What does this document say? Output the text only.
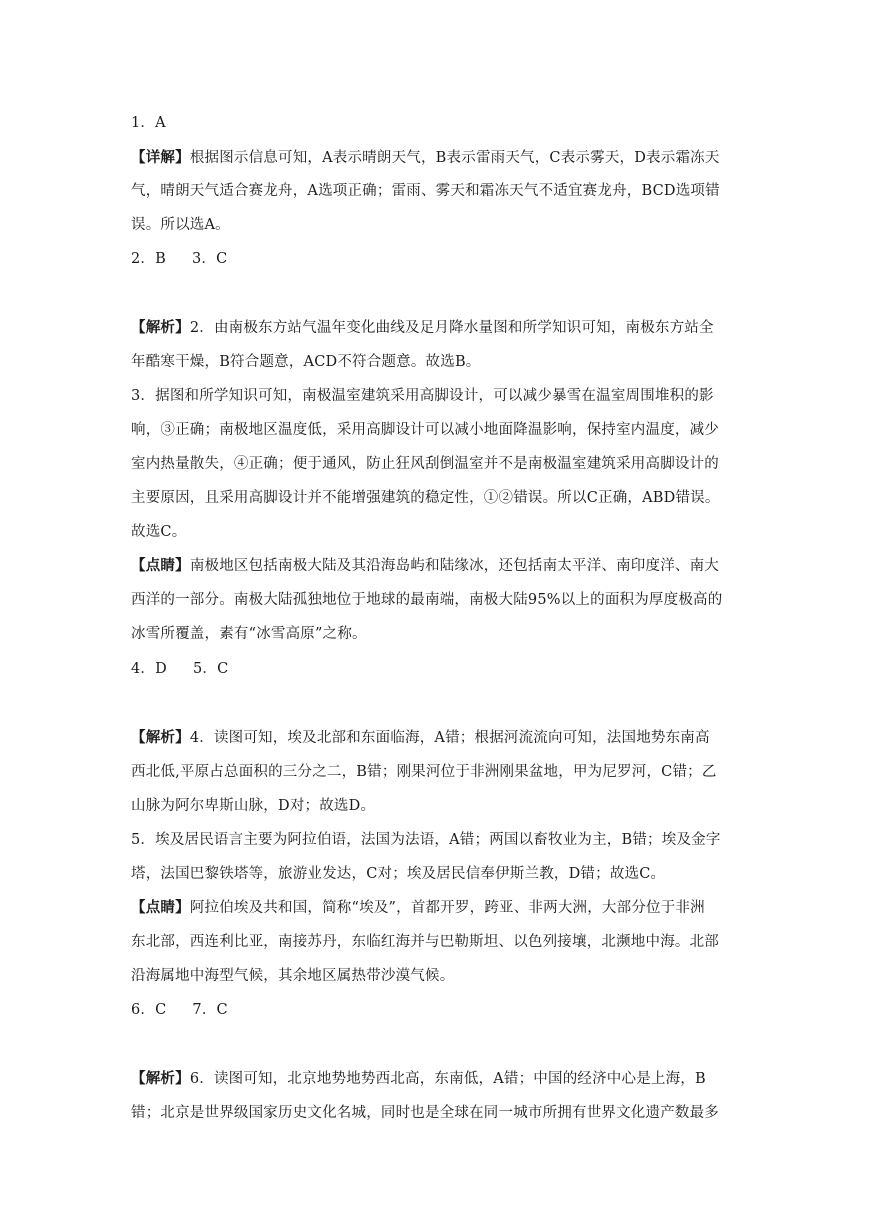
1．A
【详解】根据图示信息可知，A表示晴朗天气，B表示雷雨天气，C表示雾天，D表示霜冻天
气，晴朗天气适合赛龙舟，A选项正确；雷雨、雾天和霜冻天气不适宜赛龙舟，BCD选项错
误。所以选A。
2．B 3．C
【解析】2．由南极东方站气温年变化曲线及足月降水量图和所学知识可知，南极东方站全
年酷寒干燥，B符合题意，ACD不符合题意。故选B。
3．据图和所学知识可知，南极温室建筑采用高脚设计，可以减少暴雪在温室周围堆积的影
响，③正确；南极地区温度低，采用高脚设计可以减小地面降温影响，保持室内温度，减少
室内热量散失，④正确；便于通风，防止狂风刮倒温室并不是南极温室建筑采用高脚设计的
主要原因，且采用高脚设计并不能增强建筑的稳定性，①②错误。所以C正确，ABD错误。
故选C。
【点睛】南极地区包括南极大陆及其沿海岛屿和陆缘冰，还包括南太平洋、南印度洋、南大
西洋的一部分。南极大陆孤独地位于地球的最南端，南极大陆95%以上的面积为厚度极高的
冰雪所覆盖，素有“冰雪高原”之称。
4．D 5．C
【解析】4．读图可知，埃及北部和东面临海，A错；根据河流流向可知，法国地势东南高
西北低,平原占总面积的三分之二，B错；刚果河位于非洲刚果盆地，甲为尼罗河，C错；乙
山脉为阿尔卑斯山脉，D对；故选D。
5．埃及居民语言主要为阿拉伯语，法国为法语，A错；两国以畜牧业为主，B错；埃及金字
塔，法国巴黎铁塔等，旅游业发达，C对；埃及居民信奉伊斯兰教，D错；故选C。
【点睛】阿拉伯埃及共和国，简称“埃及”，首都开罗，跨亚、非两大洲，大部分位于非洲
东北部，西连利比亚，南接苏丹，东临红海并与巴勒斯坦、以色列接壤，北濒地中海。北部
沿海属地中海型气候，其余地区属热带沙漠气候。
6．C 7．C
【解析】6．读图可知，北京地势地势西北高，东南低，A错；中国的经济中心是上海，B
错；北京是世界级国家历史文化名城，同时也是全球在同一城市所拥有世界文化遗产数最多
